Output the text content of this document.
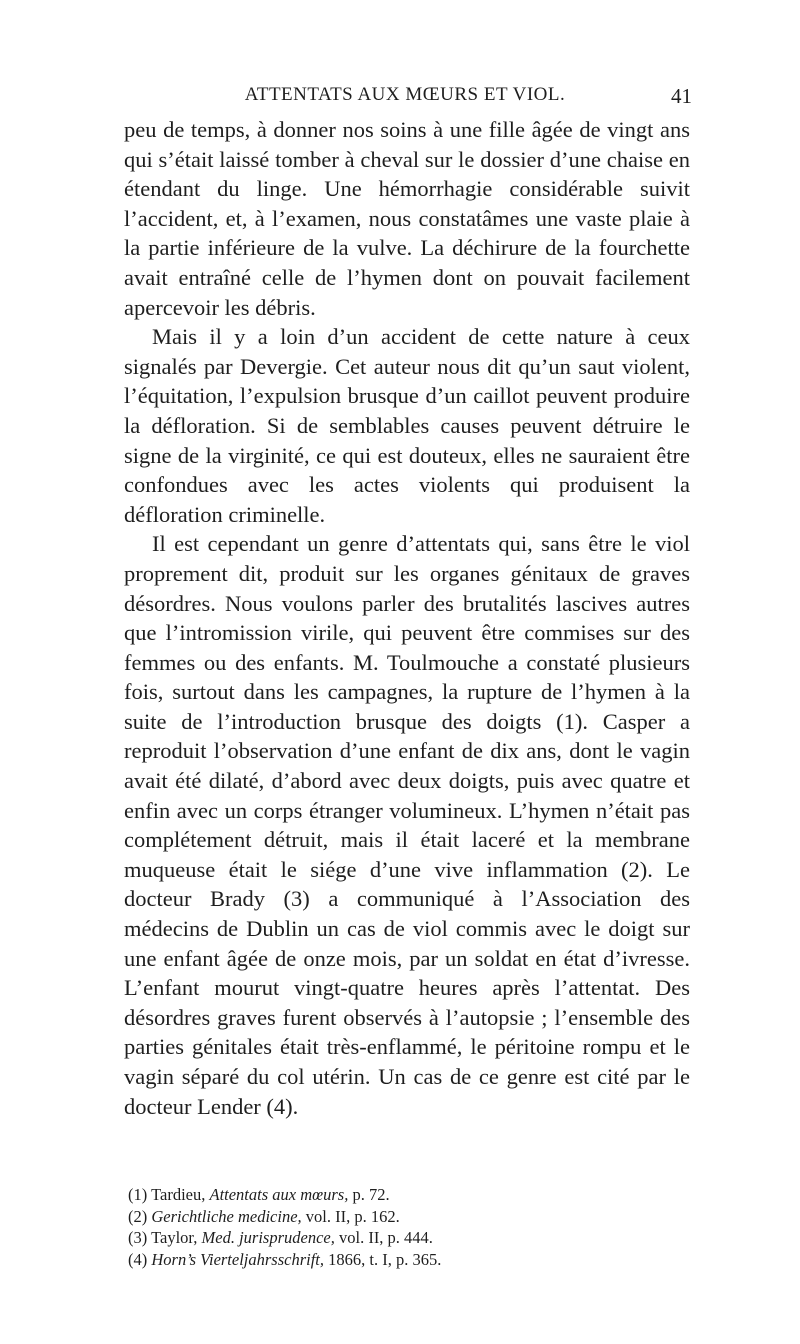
ATTENTATS AUX MŒURS ET VIOL.	41

peu de temps, à donner nos soins à une fille âgée de vingt ans qui s’était laissé tomber à cheval sur le dossier d’une chaise en étendant du linge. Une hémorrhagie considérable suivit l’accident, et, à l’examen, nous constatâmes une vaste plaie à la partie inférieure de la vulve. La déchirure de la fourchette avait entraîné celle de l’hymen dont on pouvait facilement apercevoir les débris.

Mais il y a loin d’un accident de cette nature à ceux signalés par Devergie. Cet auteur nous dit qu’un saut violent, l’équitation, l’expulsion brusque d’un caillot peuvent produire la défloration. Si de semblables causes peuvent détruire le signe de la virginité, ce qui est douteux, elles ne sauraient être confondues avec les actes violents qui produisent la défloration criminelle.

Il est cependant un genre d’attentats qui, sans être le viol proprement dit, produit sur les organes génitaux de graves désordres. Nous voulons parler des brutalités lascives autres que l’intromission virile, qui peuvent être commises sur des femmes ou des enfants. M. Toulmouche a constaté plusieurs fois, surtout dans les campagnes, la rupture de l’hymen à la suite de l’introduction brusque des doigts (1). Casper a reproduit l’observation d’une enfant de dix ans, dont le vagin avait été dilaté, d’abord avec deux doigts, puis avec quatre et enfin avec un corps étranger volumineux. L’hymen n’était pas complétement détruit, mais il était laceré et la membrane muqueuse était le siége d’une vive inflammation (2). Le docteur Brady (3) a communiqué à l’Association des médecins de Dublin un cas de viol commis avec le doigt sur une enfant âgée de onze mois, par un soldat en état d’ivresse. L’enfant mourut vingt-quatre heures après l’attentat. Des désordres graves furent observés à l’autopsie ; l’ensemble des parties génitales était très-enflammé, le péritoine rompu et le vagin séparé du col utérin. Un cas de ce genre est cité par le docteur Lender (4).

(1) Tardieu, Attentats aux mœurs, p. 72.

(2) Gerichtliche medicine, vol. II, p. 162.

(3) Taylor, Med. jurisprudence, vol. II, p. 444.

(4) Horn’s Vierteljahrsschrift, 1866, t. I, p. 365.
